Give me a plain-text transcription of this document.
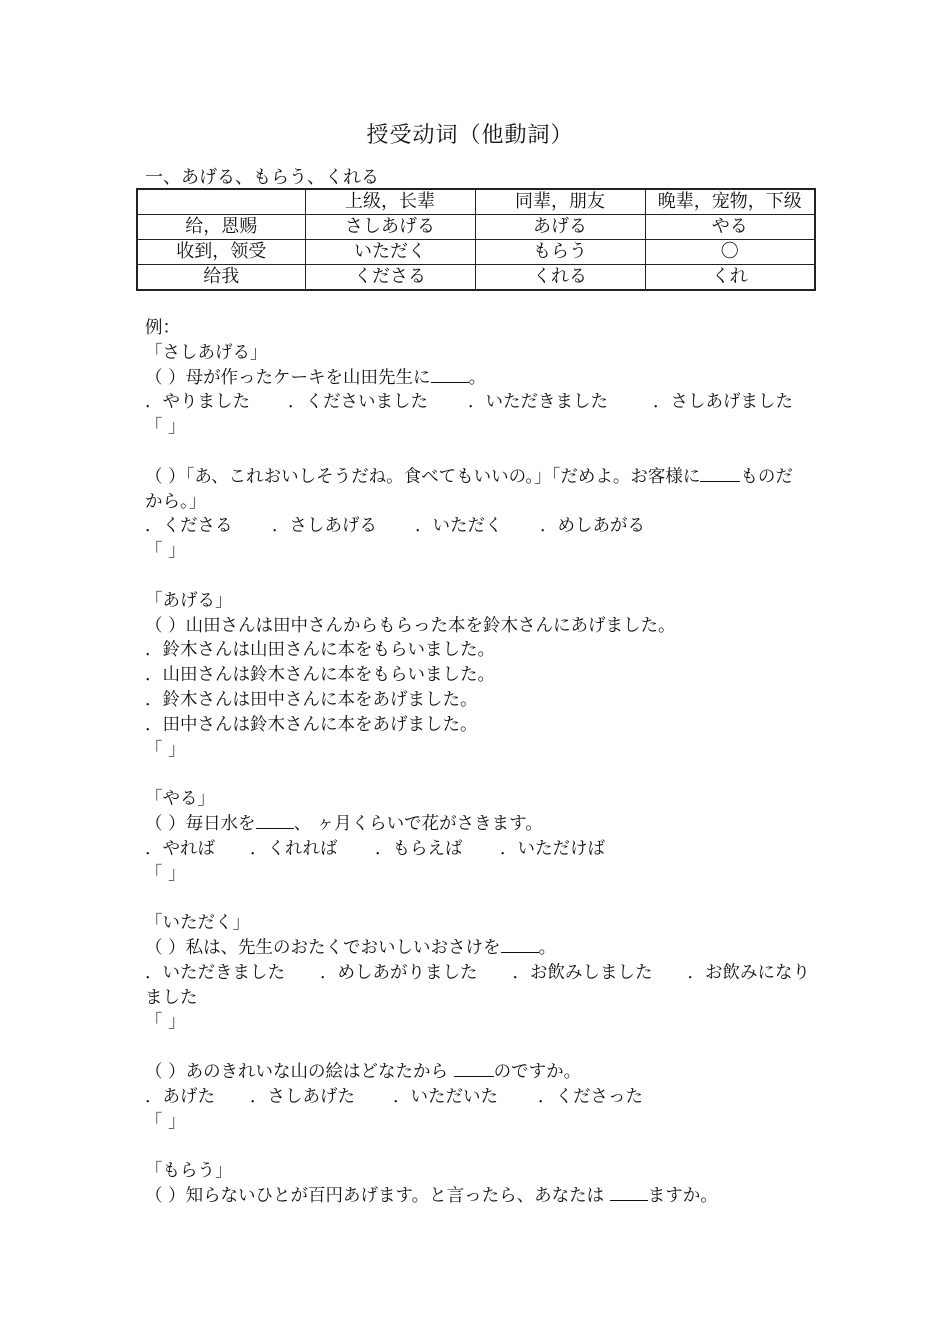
授受动词（他動詞）
一、あげる、もらう、くれる
	上级，长辈	同辈，朋友	晚辈，宠物，下级
给，恩赐	さしあげる	あげる	やる
收到，领受	いただく	もらう	〇
给我	くださる	くれる	くれ
例：
「さしあげる」
（ ）母が作ったケーキを山田先生に 。
．やりました ．くださいました ．いただきました	．さしあげました
「 」
（ ）「あ、これおいしそうだね。食べてもいいの。」「だめよ。お客様に ものだから。」
．くださる ．さしあげる ．いただく ．めしあがる
「 」
「あげる」
（ ）山田さんは田中さんからもらった本を鈴木さんにあげました。
．鈴木さんは山田さんに本をもらいました。
．山田さんは鈴木さんに本をもらいました。
．鈴木さんは田中さんに本をあげました。
．田中さんは鈴木さんに本をあげました。
「 」
「やる」
（ ）毎日水を 、 ヶ月くらいで花がさきます。
．やれば ．くれれば ．もらえば ．いただけば
「 」
「いただく」
（ ）私は、先生のおたくでおいしいおさけを 。
．いただきました　　．めしあがりました　　．お飲みしました　　．お飲みになりました
「 」
（ ）あのきれいな山の絵はどなたから のですか。
．あげた ．さしあげた ．いただいた ．くださった
「 」
「もらう」
（ ）知らないひとが百円あげます。と言ったら、あなたは ますか。
